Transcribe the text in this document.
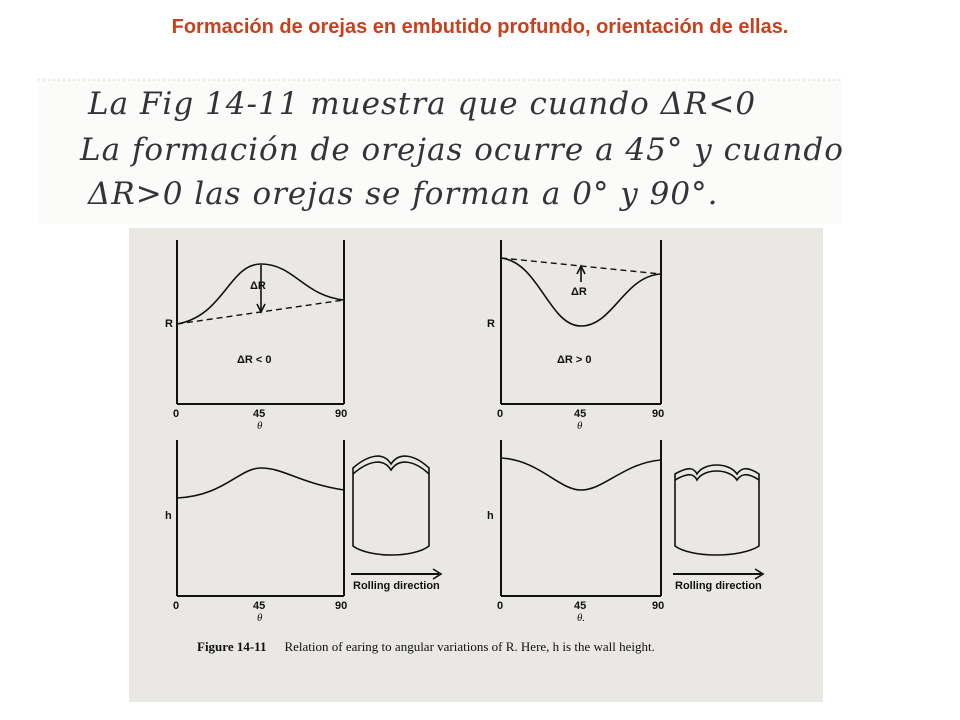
Formación de orejas en embutido profundo, orientación de ellas.
La Fig 14-11 muestra que cuando ΔR<0
La formación de orejas ocurre a 45° y cuando
ΔR>0 las orejas se forman a 0° y 90°.
R
ΔR
ΔR < 0
0	45	90
θ
R
ΔR
ΔR > 0
0	45	90
θ
h
0	45	90
θ
Rolling direction
h
0	45	90
θ.
Rolling direction
Figure 14-11 Relation of earing to angular variations of R. Here, h is the wall height.
